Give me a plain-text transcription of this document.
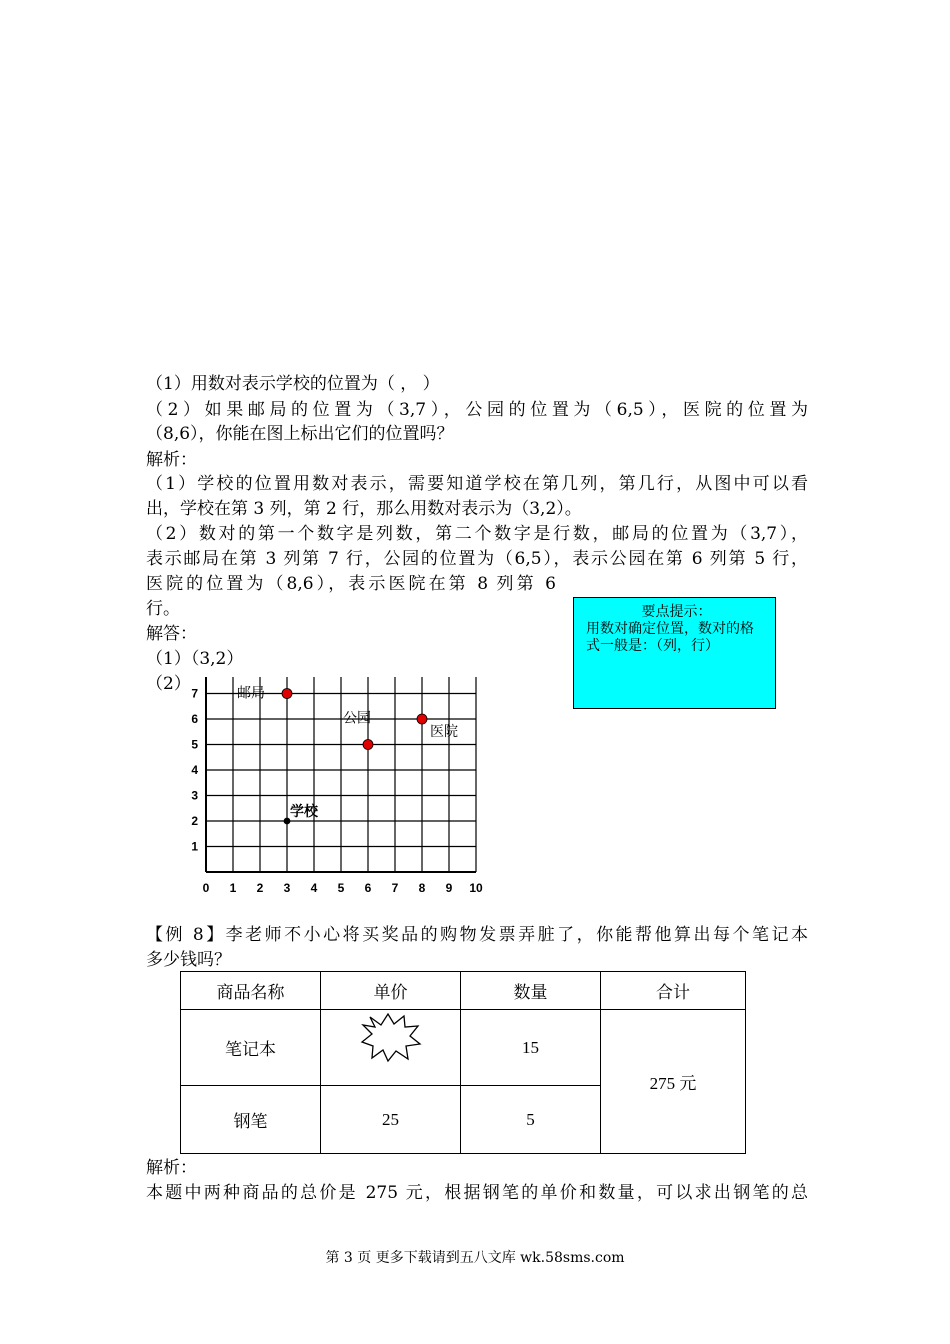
（1）用数对表示学校的位置为（ ， ）
（2）如果邮局的位置为（3,7），公园的位置为（6,5），医院的位置为
（8,6），你能在图上标出它们的位置吗？
解析：
（1）学校的位置用数对表示，需要知道学校在第几列，第几行，从图中可以看
出，学校在第 3 列，第 2 行，那么用数对表示为（3,2）。
（2）数对的第一个数字是列数，第二个数字是行数，邮局的位置为（3,7），
表示邮局在第 3 列第 7 行，公园的位置为（6,5），表示公园在第 6 列第 5 行，
医院的位置为（8,6），表示医院在第 8 列第 6
行。
解答：
（1）（3,2）
（2）
要点提示：
用数对确定位置，数对的格式一般是：（列，行）
0 1 2 3 4 5 6 7 8 9 10
1
2
3
4
5
6
7
学校
邮局
公园
医院
【例 8】李老师不小心将买奖品的购物发票弄脏了，你能帮他算出每个笔记本
多少钱吗？
商品名称	单价	数量	合计
笔记本		15	275 元
钢笔	25	5	
解析：
本题中两种商品的总价是 275 元，根据钢笔的单价和数量，可以求出钢笔的总
第 3 页 更多下载请到五八文库 wk.58sms.com
